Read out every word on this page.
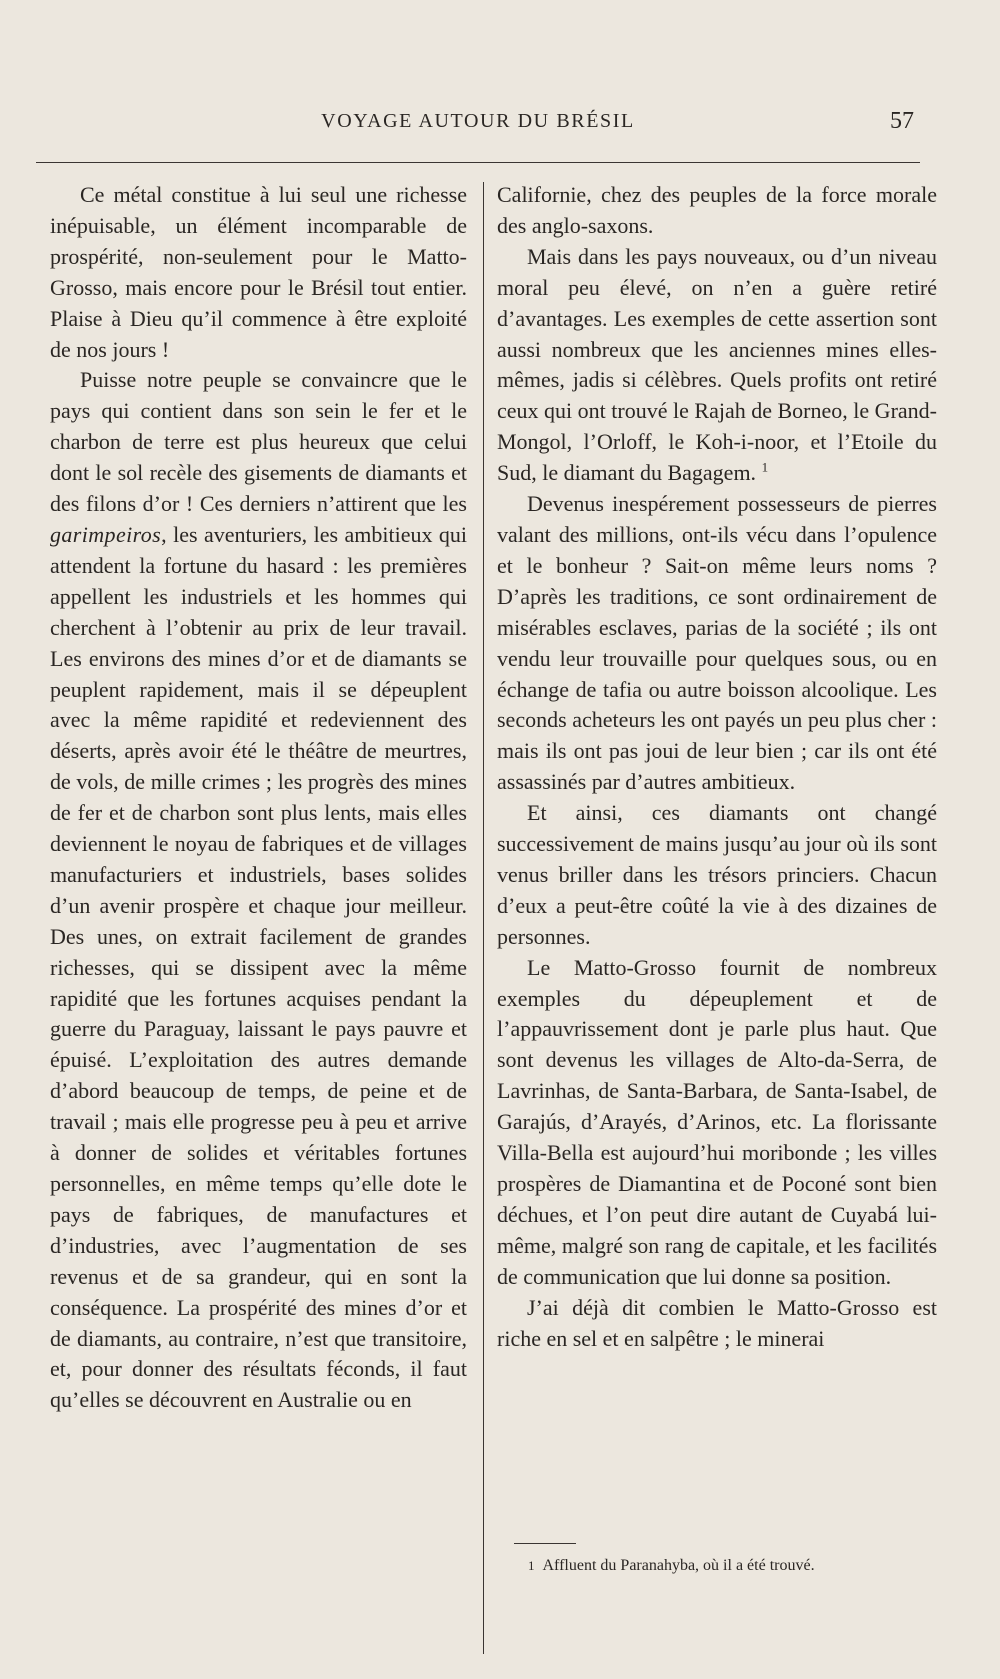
VOYAGE AUTOUR DU BRÉSIL	57

Ce métal constitue à lui seul une richesse inépuisable, un élément incomparable de prospérité, non-seulement pour le Matto-Grosso, mais encore pour le Brésil tout entier. Plaise à Dieu qu’il commence à être exploité de nos jours !

Puisse notre peuple se convaincre que le pays qui contient dans son sein le fer et le charbon de terre est plus heureux que celui dont le sol recèle des gisements de diamants et des filons d’or ! Ces derniers n’attirent que les garimpeiros, les aventuriers, les ambitieux qui attendent la fortune du hasard : les premières appellent les industriels et les hommes qui cherchent à l’obtenir au prix de leur travail. Les environs des mines d’or et de diamants se peuplent rapidement, mais il se dépeuplent avec la même rapidité et redeviennent des déserts, après avoir été le théâtre de meurtres, de vols, de mille crimes ; les progrès des mines de fer et de charbon sont plus lents, mais elles deviennent le noyau de fabriques et de villages manufacturiers et industriels, bases solides d’un avenir prospère et chaque jour meilleur. Des unes, on extrait facilement de grandes richesses, qui se dissipent avec la même rapidité que les fortunes acquises pendant la guerre du Paraguay, laissant le pays pauvre et épuisé. L’exploitation des autres demande d’abord beaucoup de temps, de peine et de travail ; mais elle progresse peu à peu et arrive à donner de solides et véritables fortunes personnelles, en même temps qu’elle dote le pays de fabriques, de manufactures et d’industries, avec l’augmentation de ses revenus et de sa grandeur, qui en sont la conséquence. La prospérité des mines d’or et de diamants, au contraire, n’est que transitoire, et, pour donner des résultats féconds, il faut qu’elles se découvrent en Australie ou en

Californie, chez des peuples de la force morale des anglo-saxons.

Mais dans les pays nouveaux, ou d’un niveau moral peu élevé, on n’en a guère retiré d’avantages. Les exemples de cette assertion sont aussi nombreux que les anciennes mines elles-mêmes, jadis si célèbres. Quels profits ont retiré ceux qui ont trouvé le Rajah de Borneo, le Grand-Mongol, l’Orloff, le Koh-i-noor, et l’Etoile du Sud, le diamant du Bagagem. $^1$

Devenus inespérement possesseurs de pierres valant des millions, ont-ils vécu dans l’opulence et le bonheur ? Sait-on même leurs noms ? D’après les traditions, ce sont ordinairement de misérables esclaves, parias de la société ; ils ont vendu leur trouvaille pour quelques sous, ou en échange de tafia ou autre boisson alcoolique. Les seconds acheteurs les ont payés un peu plus cher : mais ils ont pas joui de leur bien ; car ils ont été assassinés par d’autres ambitieux.

Et ainsi, ces diamants ont changé successivement de mains jusqu’au jour où ils sont venus briller dans les trésors princiers. Chacun d’eux a peut-être coûté la vie à des dizaines de personnes.

Le Matto-Grosso fournit de nombreux exemples du dépeuplement et de l’appauvrissement dont je parle plus haut. Que sont devenus les villages de Alto-da-Serra, de Lavrinhas, de Santa-Barbara, de Santa-Isabel, de Garajús, d’Arayés, d’Arinos, etc. La florissante Villa-Bella est aujourd’hui moribonde ; les villes prospères de Diamantina et de Poconé sont bien déchues, et l’on peut dire autant de Cuyabá lui-même, malgré son rang de capitale, et les facilités de communication que lui donne sa position.

J’ai déjà dit combien le Matto-Grosso est riche en sel et en salpêtre ; le minerai

1 Affluent du Paranahyba, où il a été trouvé.
